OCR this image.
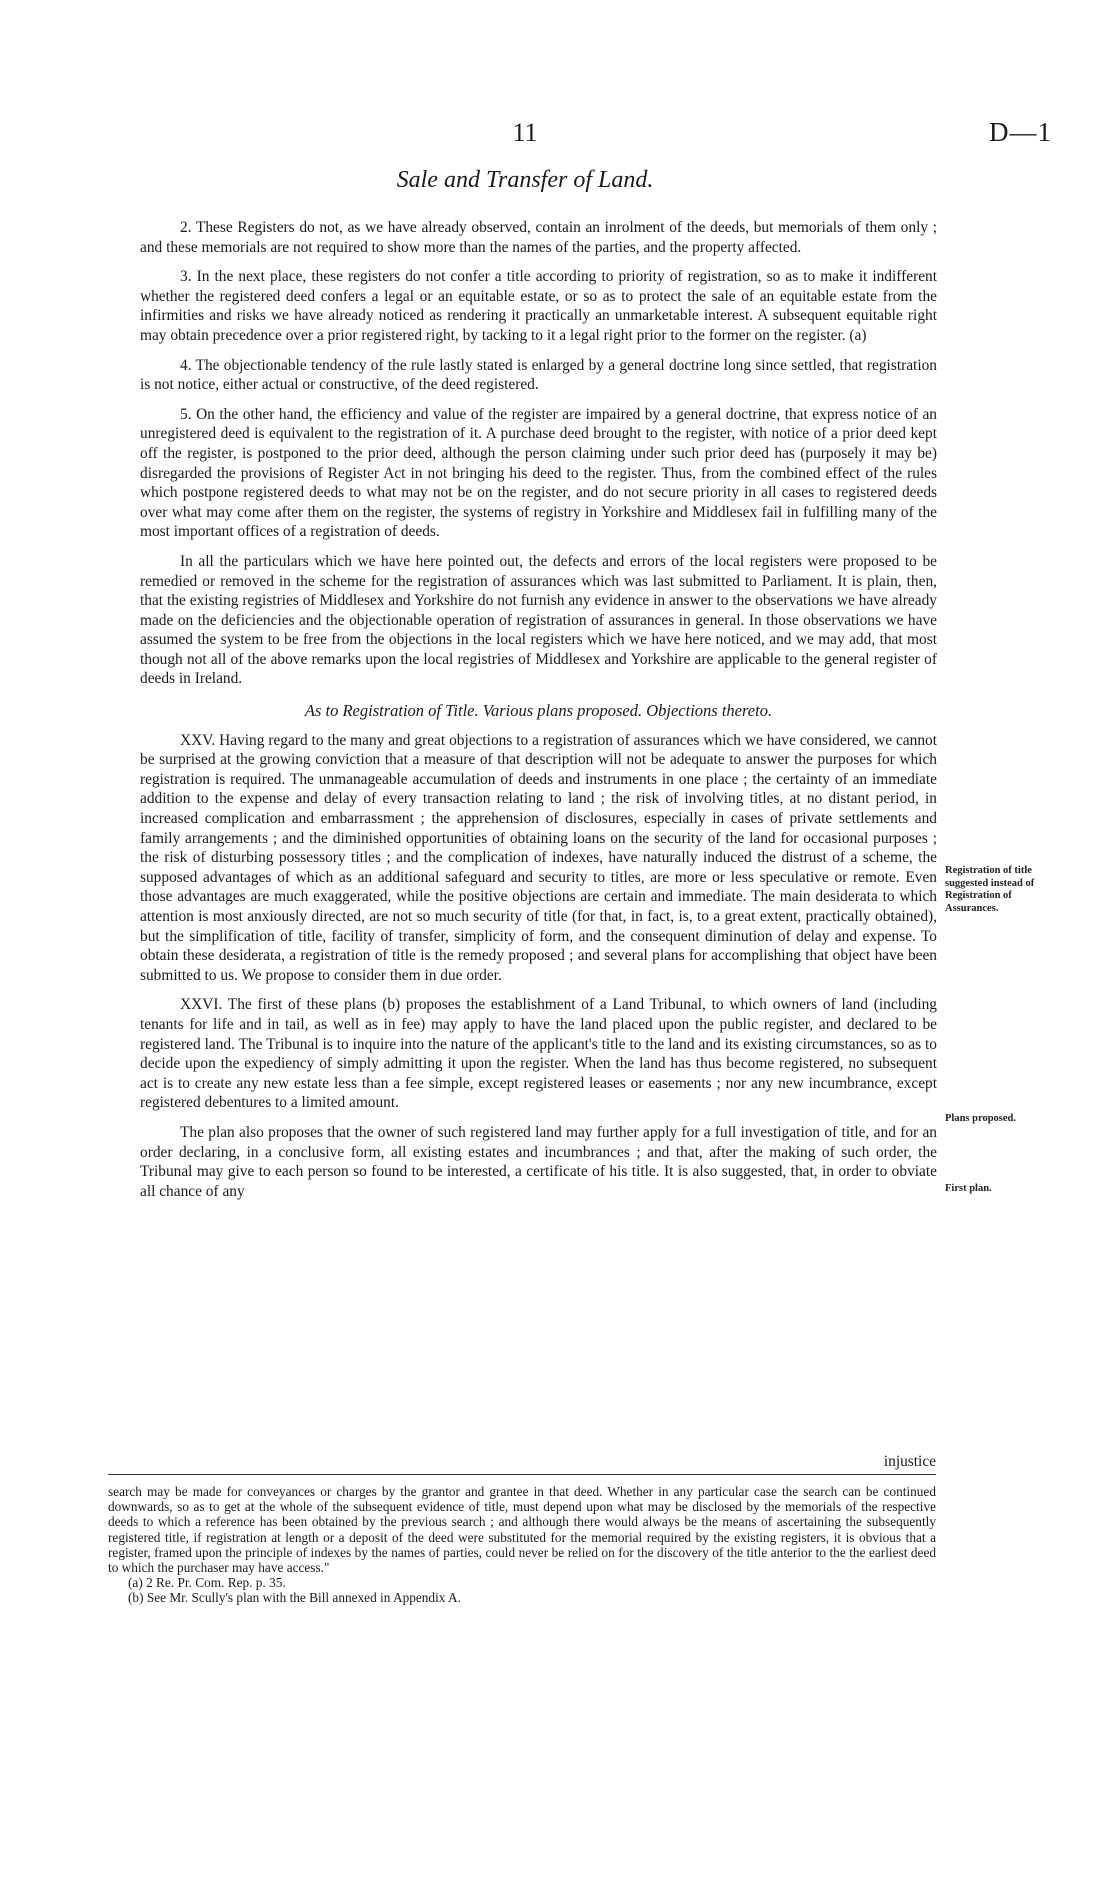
11	D—1
Sale and Transfer of Land.

2. These Registers do not, as we have already observed, contain an inrolment of the deeds, but memorials of them only ; and these memorials are not required to show more than the names of the parties, and the property affected.

3. In the next place, these registers do not confer a title according to priority of registration, so as to make it indifferent whether the registered deed confers a legal or an equitable estate, or so as to protect the sale of an equitable estate from the infirmities and risks we have already noticed as rendering it practically an unmarketable interest. A subsequent equitable right may obtain precedence over a prior registered right, by tacking to it a legal right prior to the former on the register. (a)

4. The objectionable tendency of the rule lastly stated is enlarged by a general doctrine long since settled, that registration is not notice, either actual or constructive, of the deed registered.

5. On the other hand, the efficiency and value of the register are impaired by a general doctrine, that express notice of an unregistered deed is equivalent to the registration of it. A purchase deed brought to the register, with notice of a prior deed kept off the register, is postponed to the prior deed, although the person claiming under such prior deed has (purposely it may be) disregarded the provisions of Register Act in not bringing his deed to the register. Thus, from the combined effect of the rules which postpone registered deeds to what may not be on the register, and do not secure priority in all cases to registered deeds over what may come after them on the register, the systems of registry in Yorkshire and Middlesex fail in fulfilling many of the most important offices of a registration of deeds.

In all the particulars which we have here pointed out, the defects and errors of the local registers were proposed to be remedied or removed in the scheme for the registration of assurances which was last submitted to Parliament. It is plain, then, that the existing registries of Middlesex and Yorkshire do not furnish any evidence in answer to the observations we have already made on the deficiencies and the objectionable operation of registration of assurances in general. In those observations we have assumed the system to be free from the objections in the local registers which we have here noticed, and we may add, that most though not all of the above remarks upon the local registries of Middlesex and Yorkshire are applicable to the general register of deeds in Ireland.

As to Registration of Title. Various plans proposed. Objections thereto.

XXV. Having regard to the many and great objections to a registration of assurances which we have considered, we cannot be surprised at the growing conviction that a measure of that description will not be adequate to answer the purposes for which registration is required. The unmanageable accumulation of deeds and instruments in one place ; the certainty of an immediate addition to the expense and delay of every transaction relating to land ; the risk of involving titles, at no distant period, in increased complication and embarrassment ; the apprehension of disclosures, especially in cases of private settlements and family arrangements ; and the diminished opportunities of obtaining loans on the security of the land for occasional purposes ; the risk of disturbing possessory titles ; and the complication of indexes, have naturally induced the distrust of a scheme, the supposed advantages of which as an additional safeguard and security to titles, are more or less speculative or remote. Even those advantages are much exaggerated, while the positive objections are certain and immediate. The main desiderata to which attention is most anxiously directed, are not so much security of title (for that, in fact, is, to a great extent, practically obtained), but the simplification of title, facility of transfer, simplicity of form, and the consequent diminution of delay and expense. To obtain these desiderata, a registration of title is the remedy proposed ; and several plans for accomplishing that object have been submitted to us. We propose to consider them in due order.

XXVI. The first of these plans (b) proposes the establishment of a Land Tribunal, to which owners of land (including tenants for life and in tail, as well as in fee) may apply to have the land placed upon the public register, and declared to be registered land. The Tribunal is to inquire into the nature of the applicant's title to the land and its existing circumstances, so as to decide upon the expediency of simply admitting it upon the register. When the land has thus become registered, no subsequent act is to create any new estate less than a fee simple, except registered leases or easements ; nor any new incumbrance, except registered debentures to a limited amount.

The plan also proposes that the owner of such registered land may further apply for a full investigation of title, and for an order declaring, in a conclusive form, all existing estates and incumbrances ; and that, after the making of such order, the Tribunal may give to each person so found to be interested, a certificate of his title. It is also suggested, that, in order to obviate all chance of any

injustice
Registration of title suggested instead of Registration of Assurances.
Plans proposed.
First plan.

search may be made for conveyances or charges by the grantor and grantee in that deed. Whether in any particular case the search can be continued downwards, so as to get at the whole of the subsequent evidence of title, must depend upon what may be disclosed by the memorials of the respective deeds to which a reference has been obtained by the previous search ; and although there would always be the means of ascertaining the subsequently registered title, if registration at length or a deposit of the deed were substituted for the memorial required by the existing registers, it is obvious that a register, framed upon the principle of indexes by the names of parties, could never be relied on for the discovery of the title anterior to the the earliest deed to which the purchaser may have access."

(a) 2 Re. Pr. Com. Rep. p. 35.

(b) See Mr. Scully's plan with the Bill annexed in Appendix A.
